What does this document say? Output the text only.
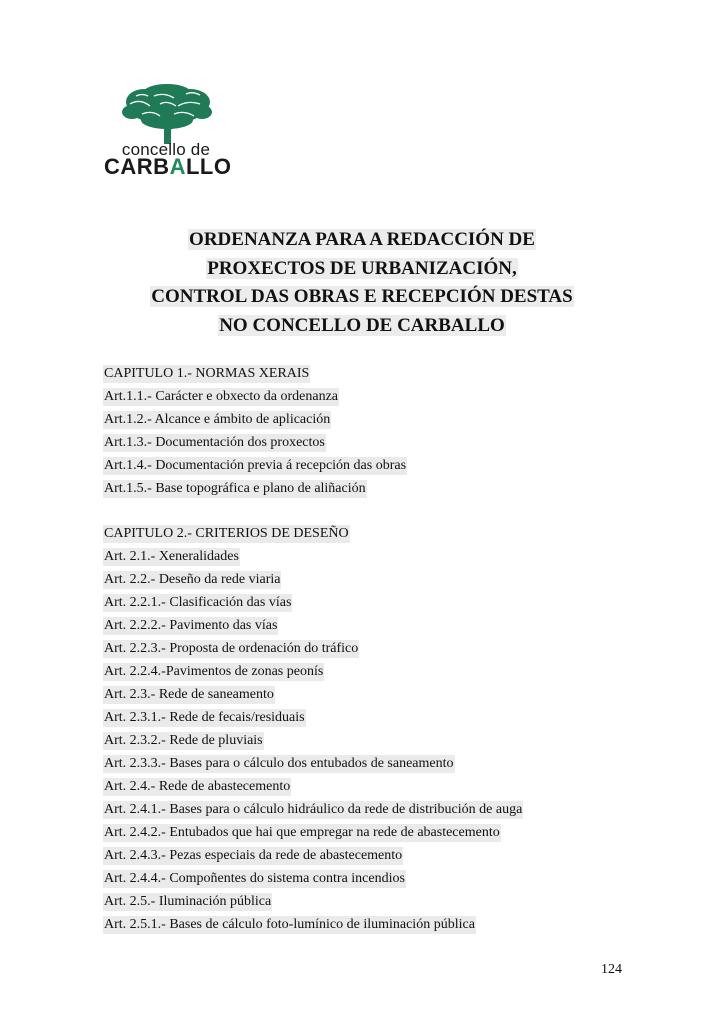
concello de
CARBALLO
ORDENANZA PARA A REDACCIÓN DE
PROXECTOS DE URBANIZACIÓN,
CONTROL DAS OBRAS E RECEPCIÓN DESTAS
NO CONCELLO DE CARBALLO
CAPITULO 1.- NORMAS XERAIS
Art.1.1.- Carácter e obxecto da ordenanza
Art.1.2.- Alcance e ámbito de aplicación
Art.1.3.- Documentación dos proxectos
Art.1.4.- Documentación previa á recepción das obras
Art.1.5.- Base topográfica e plano de aliñación
CAPITULO 2.- CRITERIOS DE DESEÑO
Art. 2.1.- Xeneralidades
Art. 2.2.- Deseño da rede viaria
Art. 2.2.1.- Clasificación das vías
Art. 2.2.2.- Pavimento das vías
Art. 2.2.3.- Proposta de ordenación do tráfico
Art. 2.2.4.-Pavimentos de zonas peonís
Art. 2.3.- Rede de saneamento
Art. 2.3.1.- Rede de fecais/residuais
Art. 2.3.2.- Rede de pluviais
Art. 2.3.3.- Bases para o cálculo dos entubados de saneamento
Art. 2.4.- Rede de abastecemento
Art. 2.4.1.- Bases para o cálculo hidráulico da rede de distribución de auga
Art. 2.4.2.- Entubados que hai que empregar na rede de abastecemento
Art. 2.4.3.- Pezas especiais da rede de abastecemento
Art. 2.4.4.- Compoñentes do sistema contra incendios
Art. 2.5.- Iluminación pública
Art. 2.5.1.- Bases de cálculo foto-lumínico de iluminación pública
124
